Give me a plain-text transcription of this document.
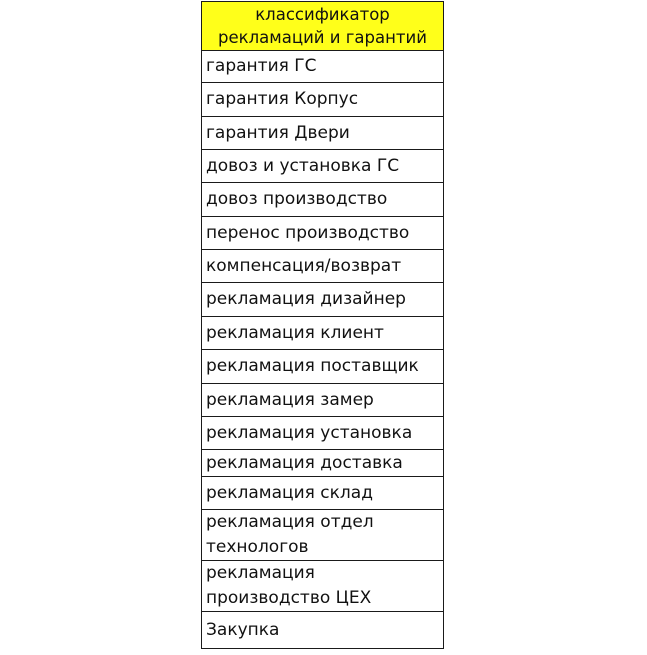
классификатор
рекламаций и гарантий

гарантия ГС
гарантия Корпус
гарантия Двери
довоз и установка ГС
довоз производство
перенос производство
компенсация/возврат
рекламация дизайнер
рекламация клиент
рекламация поставщик
рекламация замер
рекламация установка
рекламация доставка
рекламация склад
рекламация отдел технологов
рекламация производство ЦЕХ
Закупка
